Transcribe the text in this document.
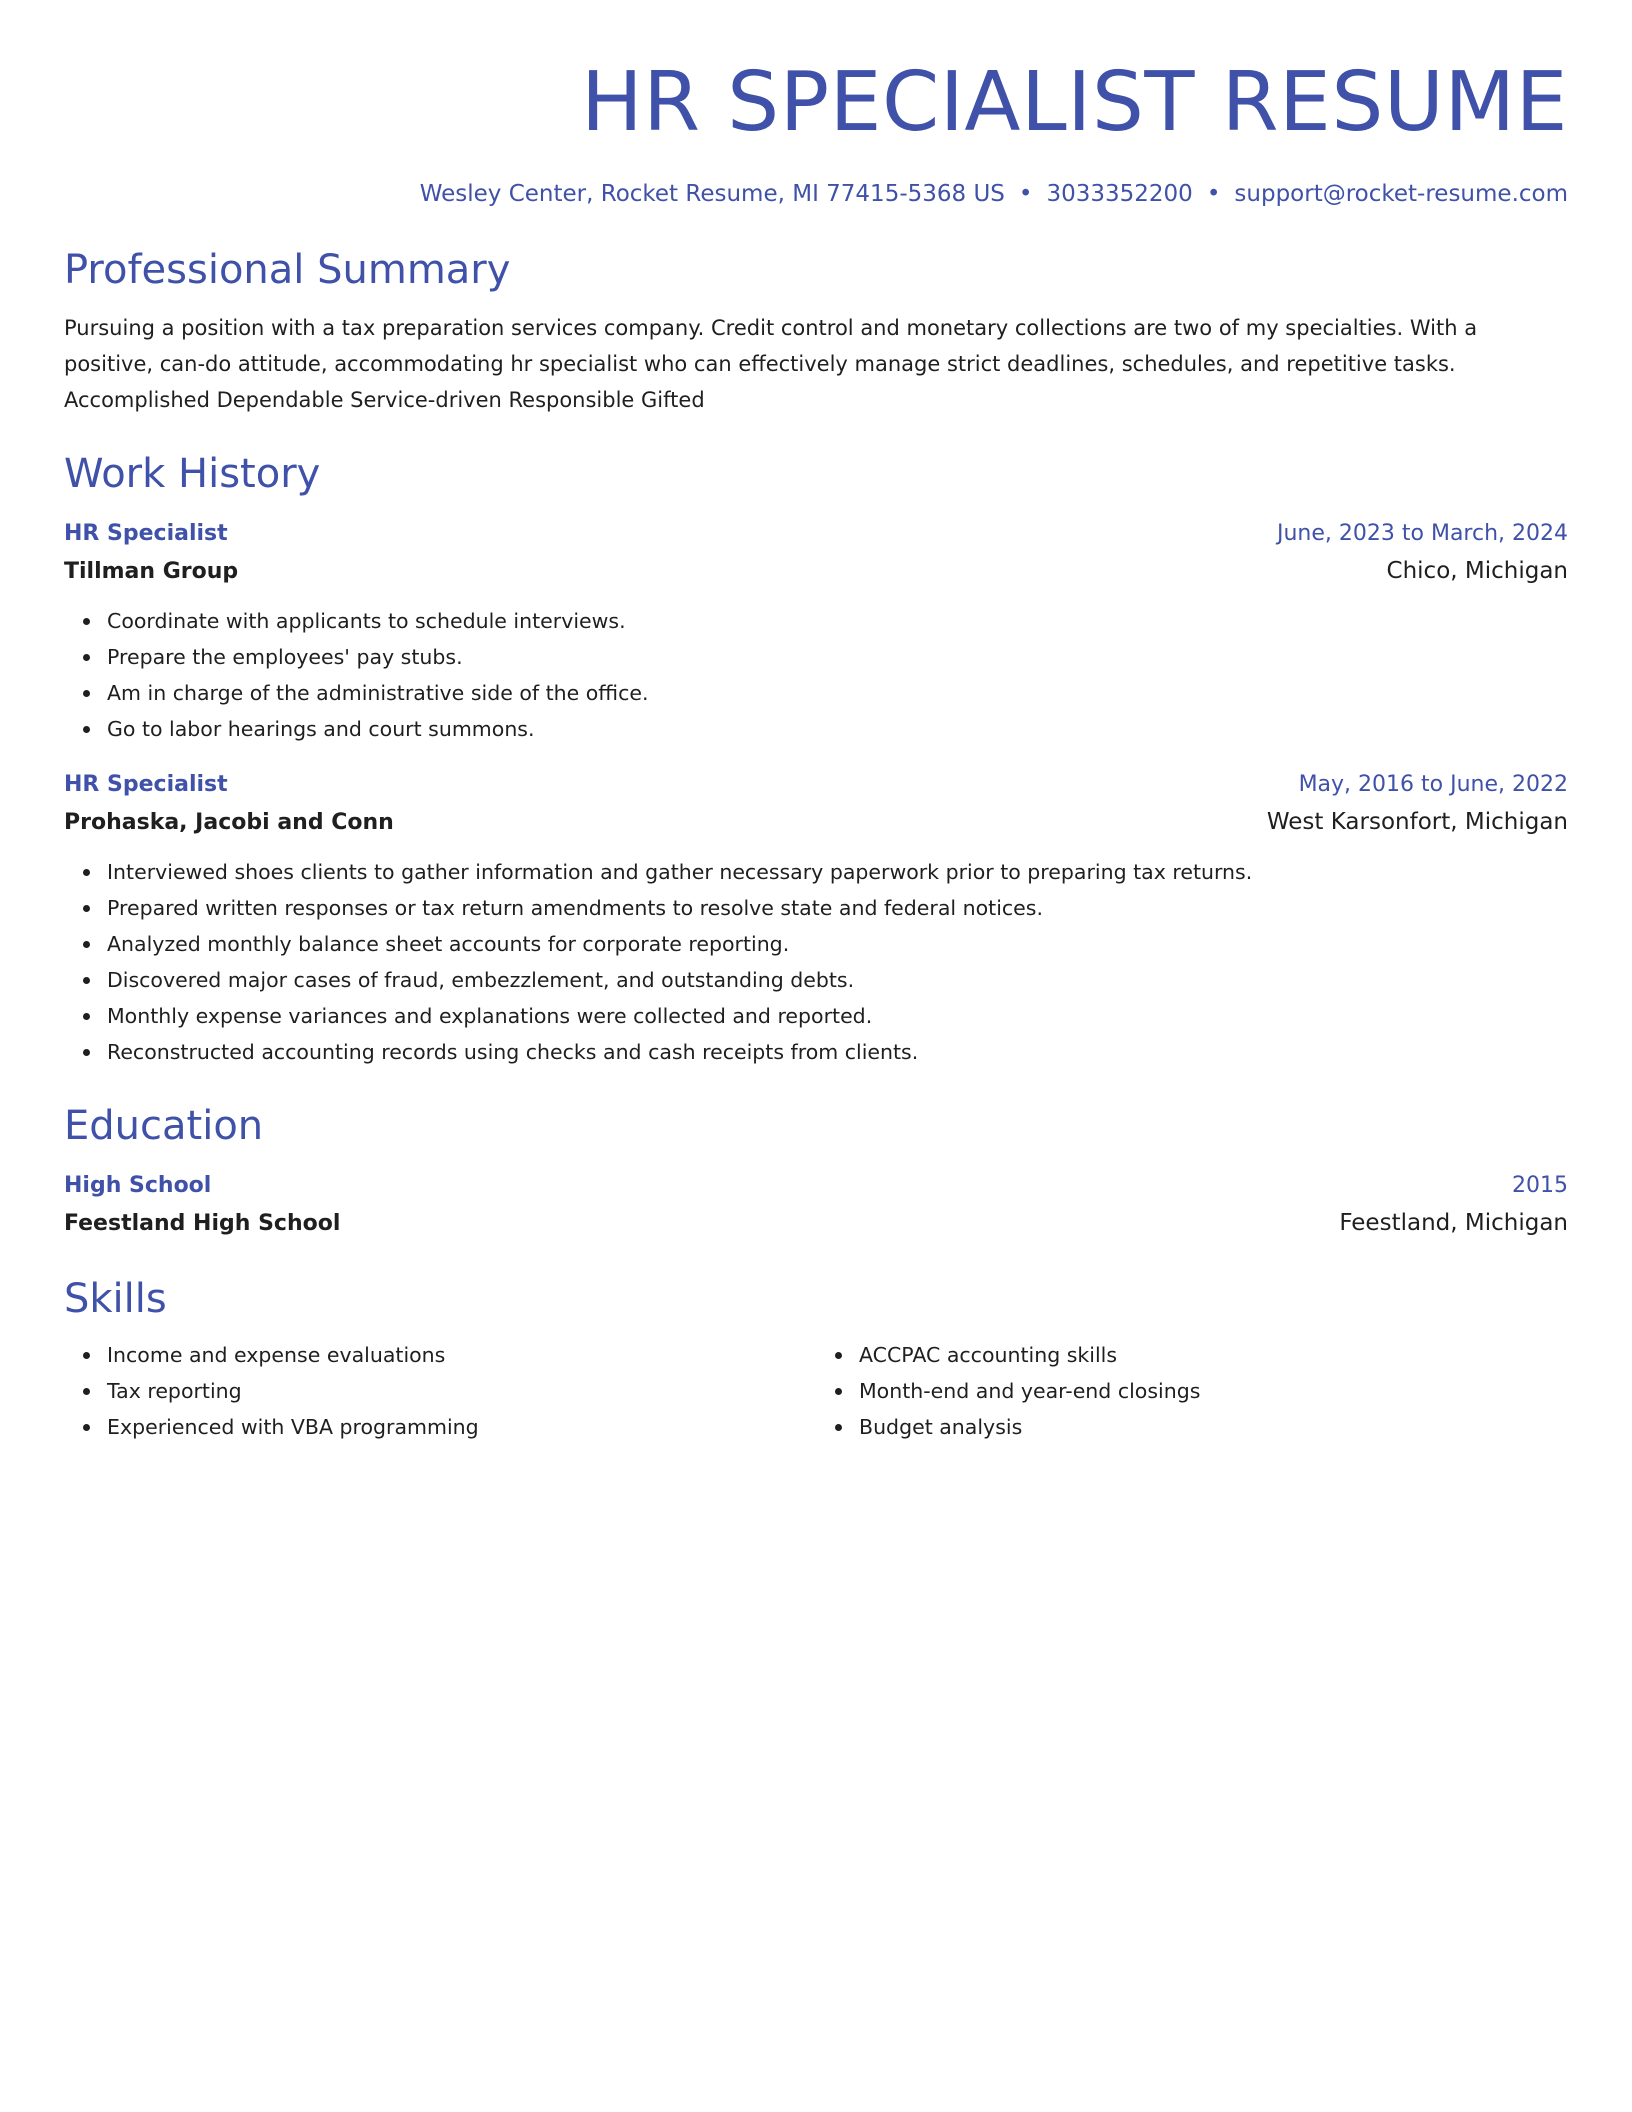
HR SPECIALIST RESUME
Wesley Center, Rocket Resume, MI 77415-5368 US • 3033352200 • support@rocket-resume.com
Professional Summary
Pursuing a position with a tax preparation services company. Credit control and monetary collections are two of my specialties. With a positive, can-do attitude, accommodating hr specialist who can effectively manage strict deadlines, schedules, and repetitive tasks. Accomplished Dependable Service-driven Responsible Gifted
Work History
HR Specialist	June, 2023 to March, 2024
Tillman Group	Chico, Michigan
Coordinate with applicants to schedule interviews.
Prepare the employees' pay stubs.
Am in charge of the administrative side of the office.
Go to labor hearings and court summons.
HR Specialist	May, 2016 to June, 2022
Prohaska, Jacobi and Conn	West Karsonfort, Michigan
Interviewed shoes clients to gather information and gather necessary paperwork prior to preparing tax returns.
Prepared written responses or tax return amendments to resolve state and federal notices.
Analyzed monthly balance sheet accounts for corporate reporting.
Discovered major cases of fraud, embezzlement, and outstanding debts.
Monthly expense variances and explanations were collected and reported.
Reconstructed accounting records using checks and cash receipts from clients.
Education
High School	2015
Feestland High School	Feestland, Michigan
Skills
Income and expense evaluations
Tax reporting
Experienced with VBA programming
ACCPAC accounting skills
Month-end and year-end closings
Budget analysis
